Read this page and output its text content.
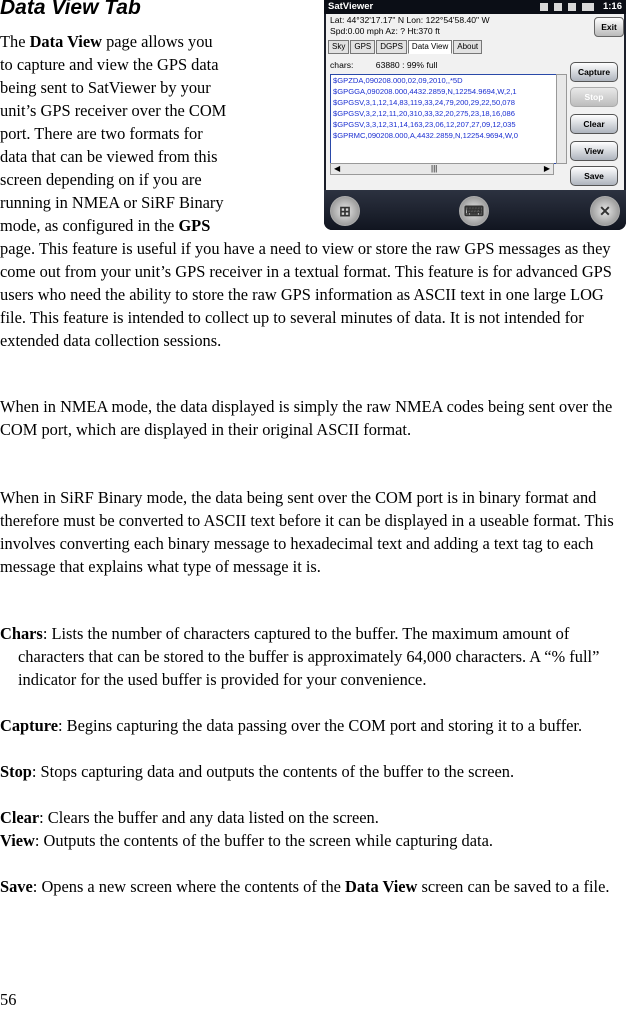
Data View Tab	SatViewer	1:16
Lat: 44°32'17.17" N Lon: 122°54'58.40" W
Spd:0.00 mph Az: ? Ht:370 ft	Exit
Sky	GPS	DGPS	Data View	About
chars:	63880 : 99% full
$GPZDA,090208.000,02,09,2010,,*5D
$GPGGA,090208.000,4432.2859,N,12254.9694,W,2,1
$GPGSV,3,1,12,14,83,119,33,24,79,200,29,22,50,078
$GPGSV,3,2,12,11,20,310,33,32,20,275,23,18,16,086
$GPGSV,3,3,12,31,14,163,23,06,12,207,27,09,12,035
$GPRMC,090208.000,A,4432.2859,N,12254.9694,W,0
◀	|||	▶
Capture
Stop
Clear
View
Save
⊞	⌨	✕
The Data View page allows you
to capture and view the GPS data
being sent to SatViewer by your
unit’s GPS receiver over the COM
port. There are two formats for
data that can be viewed from this
screen depending on if you are
running in NMEA or SiRF Binary
mode, as configured in the GPS
page. This feature is useful if you have a need to view or store the raw GPS messages as they come out from your unit’s GPS receiver in a textual format. This feature is for advanced GPS users who need the ability to store the raw GPS information as ASCII text in one large LOG file. This feature is intended to collect up to several minutes of data. It is not intended for extended data collection sessions.

When in NMEA mode, the data displayed is simply the raw NMEA codes being sent over the COM port, which are displayed in their original ASCII format.

When in SiRF Binary mode, the data being sent over the COM port is in binary format and therefore must be converted to ASCII text before it can be displayed in a useable format. This involves converting each binary message to hexadecimal text and adding a text tag to each message that explains what type of message it is.

Chars: Lists the number of characters captured to the buffer. The maximum amount of characters that can be stored to the buffer is approximately 64,000 characters. A “% full” indicator for the used buffer is provided for your convenience.

Capture: Begins capturing the data passing over the COM port and storing it to a buffer.

Stop: Stops capturing data and outputs the contents of the buffer to the screen.

Clear: Clears the buffer and any data listed on the screen.

View: Outputs the contents of the buffer to the screen while capturing data.

Save: Opens a new screen where the contents of the Data View screen can be saved to a file.

56
